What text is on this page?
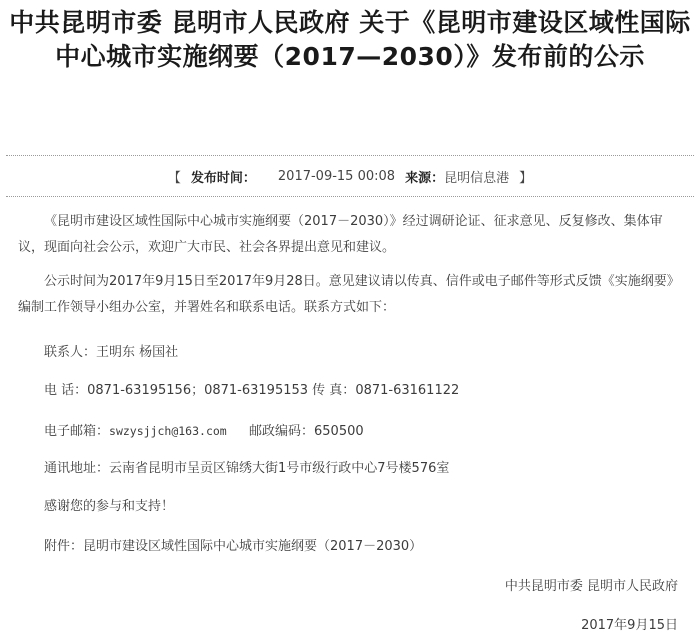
中共昆明市委 昆明市人民政府 关于《昆明市建设区域性国际中心城市实施纲要（2017—2030）》发布前的公示
【 发布时间： 2017-09-15 00:08 来源： 昆明信息港 】

《昆明市建设区域性国际中心城市实施纲要（2017－2030）》经过调研论证、征求意见、反复修改、集体审议，现面向社会公示，欢迎广大市民、社会各界提出意见和建议。

公示时间为2017年9月15日至2017年9月28日。意见建议请以传真、信件或电子邮件等形式反馈《实施纲要》编制工作领导小组办公室，并署姓名和联系电话。联系方式如下：

联系人：王明东 杨国社

电 话：0871-63195156；0871-63195153 传 真：0871-63161122

电子邮箱：swzysjjch@163.com 邮政编码：650500

通讯地址：云南省昆明市呈贡区锦绣大街1号市级行政中心7号楼576室

感谢您的参与和支持！

附件：昆明市建设区域性国际中心城市实施纲要（2017－2030）

中共昆明市委 昆明市人民政府

2017年9月15日
